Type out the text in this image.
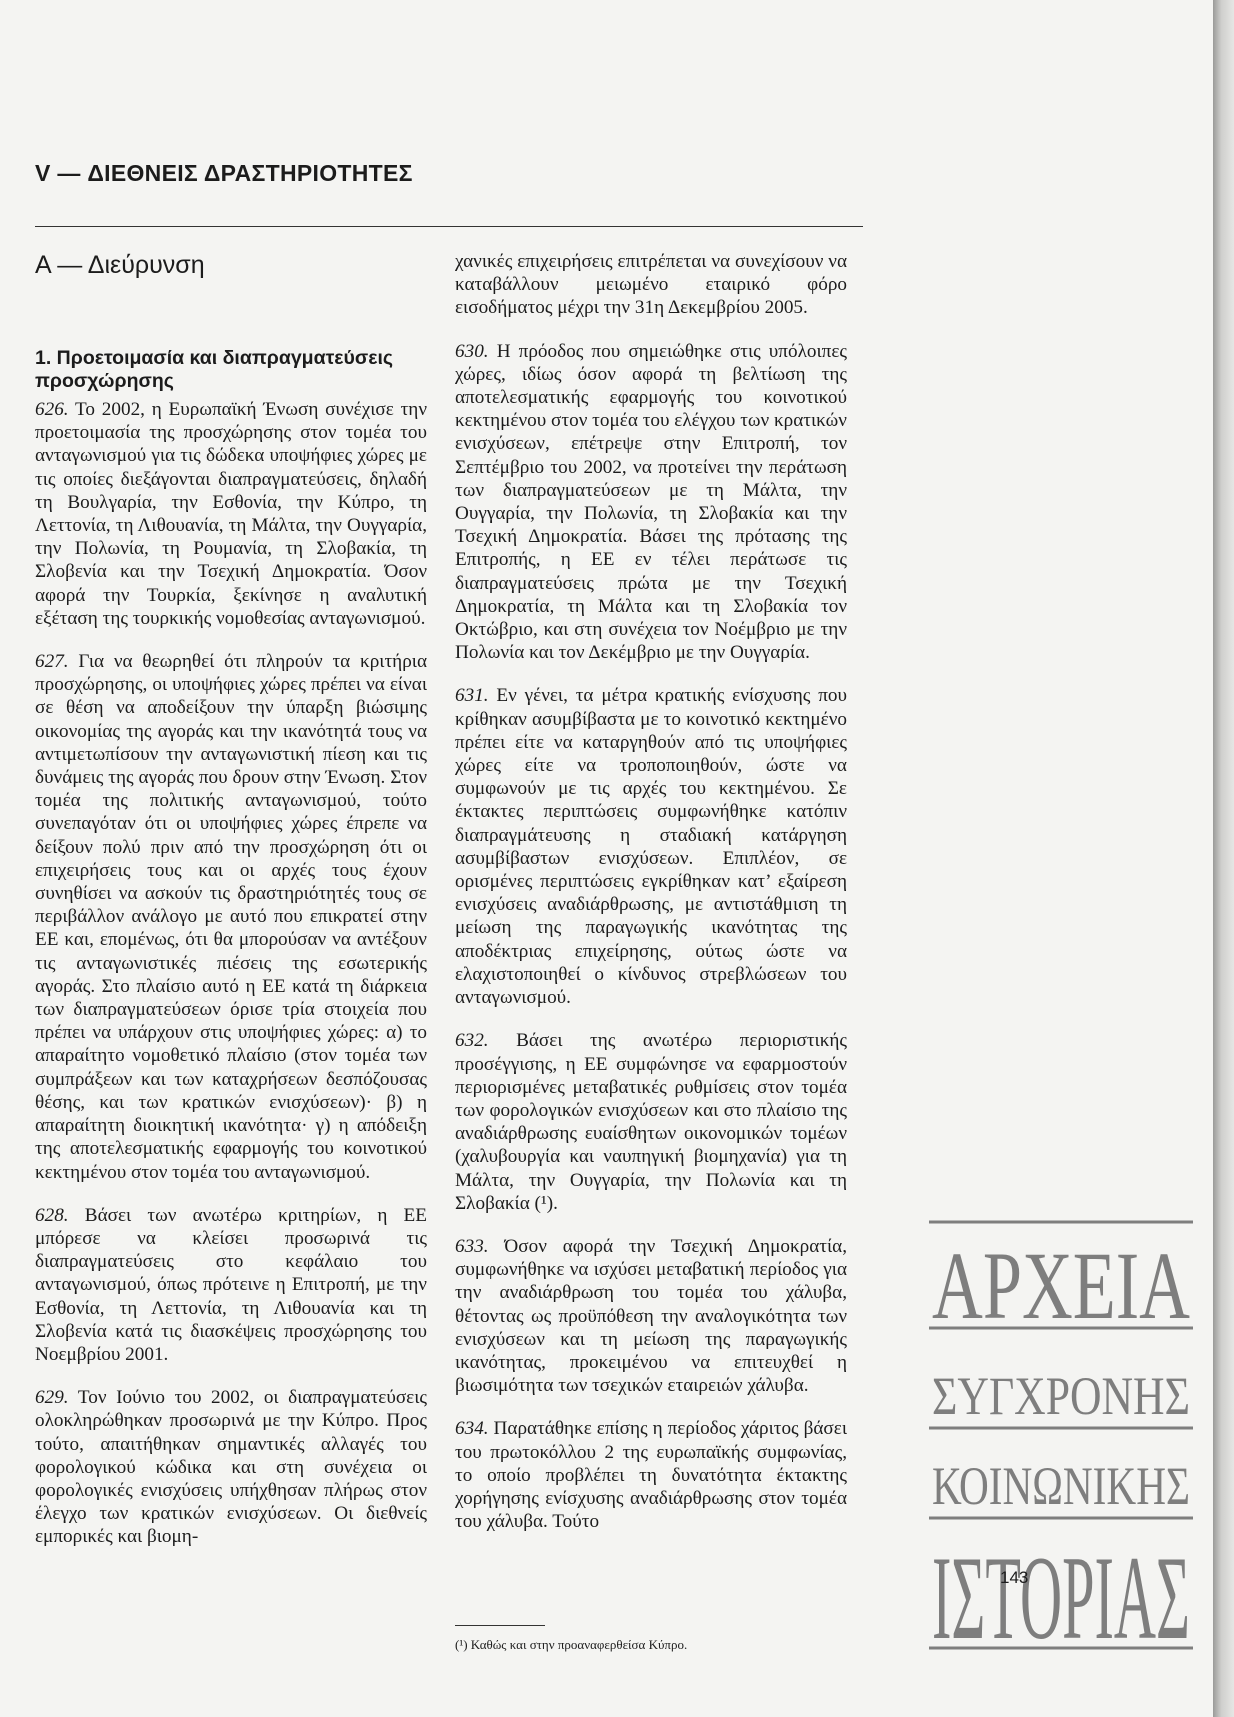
V — ΔΙΕΘΝΕΙΣ ΔΡΑΣΤΗΡΙΟΤΗΤΕΣ
Α — Διεύρυνση
1. Προετοιμασία και διαπραγματεύσεις προσχώρησης
626. Το 2002, η Ευρωπαϊκή Ένωση συνέχισε την προετοιμασία της προσχώρησης στον τομέα του ανταγωνισμού για τις δώδεκα υποψήφιες χώρες με τις οποίες διεξάγονται διαπραγματεύσεις, δηλαδή τη Βουλγαρία, την Εσθονία, την Κύπρο, τη Λεττονία, τη Λιθουανία, τη Μάλτα, την Ουγγαρία, την Πολωνία, τη Ρουμανία, τη Σλοβακία, τη Σλοβενία και την Τσεχική Δημοκρατία. Όσον αφορά την Τουρκία, ξεκίνησε η αναλυτική εξέταση της τουρκικής νομοθεσίας ανταγωνισμού.
627. Για να θεωρηθεί ότι πληρούν τα κριτήρια προσχώρησης, οι υποψήφιες χώρες πρέπει να είναι σε θέση να αποδείξουν την ύπαρξη βιώσιμης οικονομίας της αγοράς και την ικανότητά τους να αντιμετωπίσουν την ανταγωνιστική πίεση και τις δυνάμεις της αγοράς που δρουν στην Ένωση. Στον τομέα της πολιτικής ανταγωνισμού, τούτο συνεπαγόταν ότι οι υποψήφιες χώρες έπρεπε να δείξουν πολύ πριν από την προσχώρηση ότι οι επιχειρήσεις τους και οι αρχές τους έχουν συνηθίσει να ασκούν τις δραστηριότητές τους σε περιβάλλον ανάλογο με αυτό που επικρατεί στην ΕΕ και, επομένως, ότι θα μπορούσαν να αντέξουν τις ανταγωνιστικές πιέσεις της εσωτερικής αγοράς. Στο πλαίσιο αυτό η ΕΕ κατά τη διάρκεια των διαπραγματεύσεων όρισε τρία στοιχεία που πρέπει να υπάρχουν στις υποψήφιες χώρες: α) το απαραίτητο νομοθετικό πλαίσιο (στον τομέα των συμπράξεων και των καταχρήσεων δεσπόζουσας θέσης, και των κρατικών ενισχύσεων)· β) η απαραίτητη διοικητική ικανότητα· γ) η απόδειξη της αποτελεσματικής εφαρμογής του κοινοτικού κεκτημένου στον τομέα του ανταγωνισμού.
628. Βάσει των ανωτέρω κριτηρίων, η ΕΕ μπόρεσε να κλείσει προσωρινά τις διαπραγματεύσεις στο κεφάλαιο του ανταγωνισμού, όπως πρότεινε η Επιτροπή, με την Εσθονία, τη Λεττονία, τη Λιθουανία και τη Σλοβενία κατά τις διασκέψεις προσχώρησης του Νοεμβρίου 2001.
629. Τον Ιούνιο του 2002, οι διαπραγματεύσεις ολοκληρώθηκαν προσωρινά με την Κύπρο. Προς τούτο, απαιτήθηκαν σημαντικές αλλαγές του φορολογικού κώδικα και στη συνέχεια οι φορολογικές ενισχύσεις υπήχθησαν πλήρως στον έλεγχο των κρατικών ενισχύσεων. Οι διεθνείς εμπορικές και βιομη-
χανικές επιχειρήσεις επιτρέπεται να συνεχίσουν να καταβάλλουν μειωμένο εταιρικό φόρο εισοδήματος μέχρι την 31η Δεκεμβρίου 2005.
630. Η πρόοδος που σημειώθηκε στις υπόλοιπες χώρες, ιδίως όσον αφορά τη βελτίωση της αποτελεσματικής εφαρμογής του κοινοτικού κεκτημένου στον τομέα του ελέγχου των κρατικών ενισχύσεων, επέτρεψε στην Επιτροπή, τον Σεπτέμβριο του 2002, να προτείνει την περάτωση των διαπραγματεύσεων με τη Μάλτα, την Ουγγαρία, την Πολωνία, τη Σλοβακία και την Τσεχική Δημοκρατία. Βάσει της πρότασης της Επιτροπής, η ΕΕ εν τέλει περάτωσε τις διαπραγματεύσεις πρώτα με την Τσεχική Δημοκρατία, τη Μάλτα και τη Σλοβακία τον Οκτώβριο, και στη συνέχεια τον Νοέμβριο με την Πολωνία και τον Δεκέμβριο με την Ουγγαρία.
631. Εν γένει, τα μέτρα κρατικής ενίσχυσης που κρίθηκαν ασυμβίβαστα με το κοινοτικό κεκτημένο πρέπει είτε να καταργηθούν από τις υποψήφιες χώρες είτε να τροποποιηθούν, ώστε να συμφωνούν με τις αρχές του κεκτημένου. Σε έκτακτες περιπτώσεις συμφωνήθηκε κατόπιν διαπραγμάτευσης η σταδιακή κατάργηση ασυμβίβαστων ενισχύσεων. Επιπλέον, σε ορισμένες περιπτώσεις εγκρίθηκαν κατ’ εξαίρεση ενισχύσεις αναδιάρθρωσης, με αντιστάθμιση τη μείωση της παραγωγικής ικανότητας της αποδέκτριας επιχείρησης, ούτως ώστε να ελαχιστοποιηθεί ο κίνδυνος στρεβλώσεων του ανταγωνισμού.
632. Βάσει της ανωτέρω περιοριστικής προσέγγισης, η ΕΕ συμφώνησε να εφαρμοστούν περιορισμένες μεταβατικές ρυθμίσεις στον τομέα των φορολογικών ενισχύσεων και στο πλαίσιο της αναδιάρθρωσης ευαίσθητων οικονομικών τομέων (χαλυβουργία και ναυπηγική βιομηχανία) για τη Μάλτα, την Ουγγαρία, την Πολωνία και τη Σλοβακία (¹).
633. Όσον αφορά την Τσεχική Δημοκρατία, συμφωνήθηκε να ισχύσει μεταβατική περίοδος για την αναδιάρθρωση του τομέα του χάλυβα, θέτοντας ως προϋπόθεση την αναλογικότητα των ενισχύσεων και τη μείωση της παραγωγικής ικανότητας, προκειμένου να επιτευχθεί η βιωσιμότητα των τσεχικών εταιρειών χάλυβα.
634. Παρατάθηκε επίσης η περίοδος χάριτος βάσει του πρωτοκόλλου 2 της ευρωπαϊκής συμφωνίας, το οποίο προβλέπει τη δυνατότητα έκτακτης χορήγησης ενίσχυσης αναδιάρθρωσης στον τομέα του χάλυβα. Τούτο
(¹) Καθώς και στην προαναφερθείσα Κύπρο.
ΑΡΧΕΙΑ
ΣΥΓΧΡΟΝΗΣ
ΚΟΙΝΩΝΙΚΗΣ
ΙΣΤΟΡΙΑΣ
143
